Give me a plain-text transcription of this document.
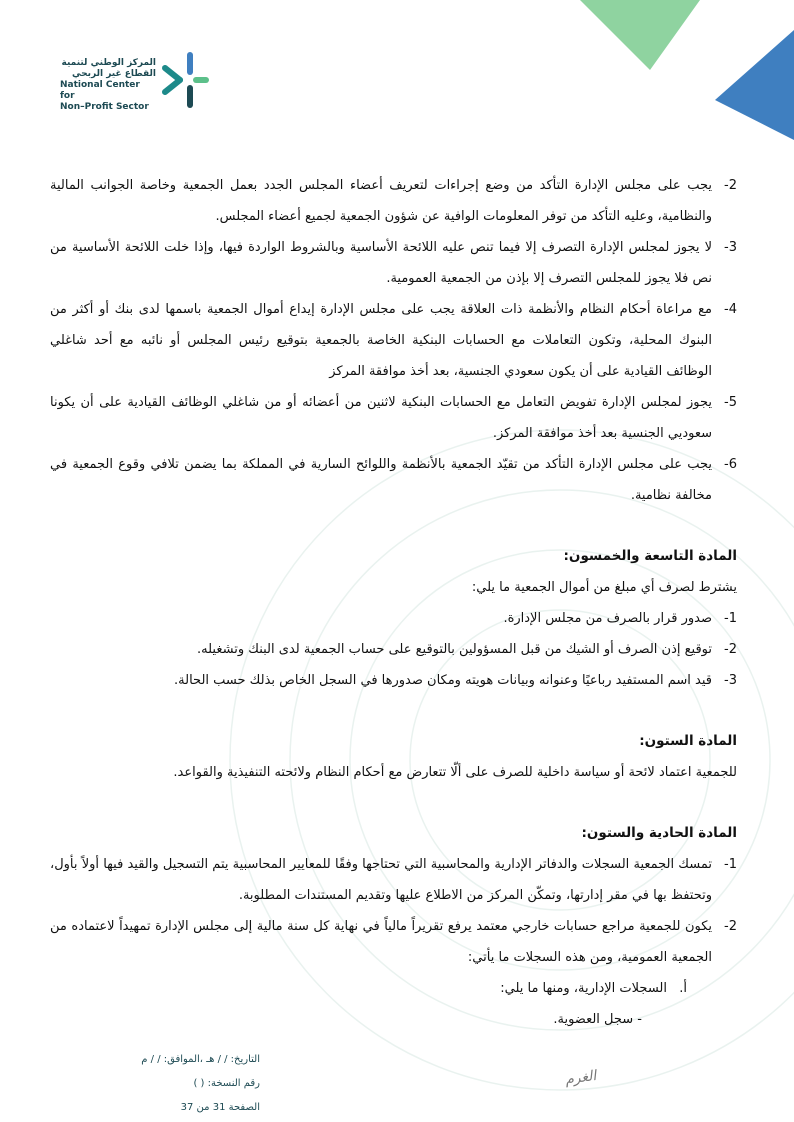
المركز الوطني لتنمية
القطاع غير الربحي
National Center for
Non–Profit Sector
2 -
يجب على مجلس الإدارة التأكد من وضع إجراءات لتعريف أعضاء المجلس الجدد بعمل الجمعية وخاصة الجوانب المالية والنظامية، وعليه التأكد من توفر المعلومات الوافية عن شؤون الجمعية لجميع أعضاء المجلس.
3 -
لا يجوز لمجلس الإدارة التصرف إلا فيما تنص عليه اللائحة الأساسية وبالشروط الواردة فيها، وإذا خلت اللائحة الأساسية من نص فلا يجوز للمجلس التصرف إلا بإذن من الجمعية العمومية.
4 -
مع مراعاة أحكام النظام والأنظمة ذات العلاقة يجب على مجلس الإدارة إيداع أموال الجمعية باسمها لدى بنك أو أكثر من البنوك المحلية، وتكون التعاملات مع الحسابات البنكية الخاصة بالجمعية بتوقيع رئيس المجلس أو نائبه مع أحد شاغلي الوظائف القيادية على أن يكون سعودي الجنسية، بعد أخذ موافقة المركز
5 -
يجوز لمجلس الإدارة تفويض التعامل مع الحسابات البنكية لاثنين من أعضائه أو من شاغلي الوظائف القيادية على أن يكونا سعوديي الجنسية بعد أخذ موافقة المركز.
6 -
يجب على مجلس الإدارة التأكد من تقيّد الجمعية بالأنظمة واللوائح السارية في المملكة بما يضمن تلافي وقوع الجمعية في مخالفة نظامية.
المادة التاسعة والخمسون:
يشترط لصرف أي مبلغ من أموال الجمعية ما يلي:
1 -
صدور قرار بالصرف من مجلس الإدارة.
2 -
توقيع إذن الصرف أو الشيك من قبل المسؤولين بالتوقيع على حساب الجمعية لدى البنك وتشغيله.
3 -
قيد اسم المستفيد رباعيًا وعنوانه وبيانات هويته ومكان صدورها في السجل الخاص بذلك حسب الحالة.
المادة الستون:
للجمعية اعتماد لائحة أو سياسة داخلية للصرف على ألّا تتعارض مع أحكام النظام ولائحته التنفيذية والقواعد.
المادة الحادية والستون:
1 -
تمسك الجمعية السجلات والدفاتر الإدارية والمحاسبية التي تحتاجها وفقًا للمعايير المحاسبية يتم التسجيل والقيد فيها أولاً بأول، وتحتفظ بها في مقر إدارتها، وتمكّن المركز من الاطلاع عليها وتقديم المستندات المطلوبة.
2 -
يكون للجمعية مراجع حسابات خارجي معتمد يرفع تقريراً مالياً في نهاية كل سنة مالية إلى مجلس الإدارة تمهيداً لاعتماده من الجمعية العمومية، ومن هذه السجلات ما يأتي:
أ .
السجلات الإدارية، ومنها ما يلي:
- سجل العضوية.
التاريخ: / / هـ ،الموافق: / / م
رقم النسخة: ( )
الصفحة 31 من 37
الغرم
